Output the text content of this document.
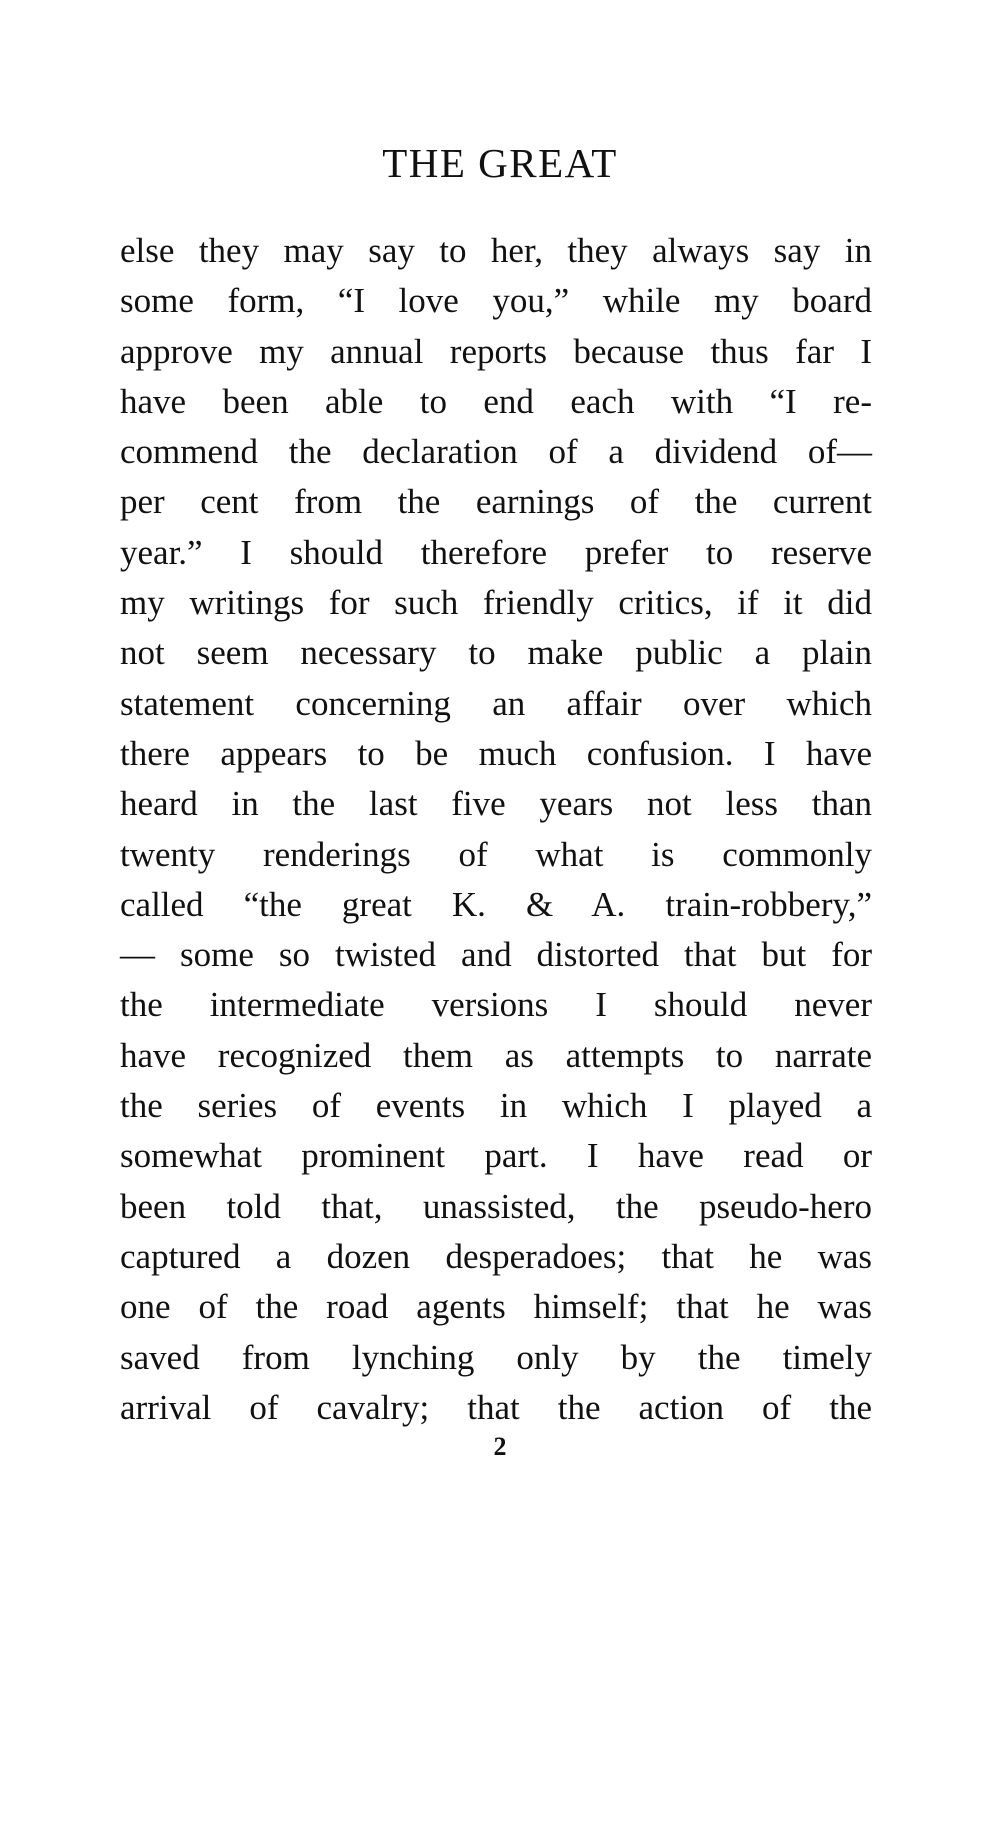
THE GREAT
else they may say to her, they always say in
some form, “I love you,” while my board
approve my annual reports because thus far I
have been able to end each with “I re-
commend the declaration of a dividend of—
per cent from the earnings of the current
year.” I should therefore prefer to reserve
my writings for such friendly critics, if it did
not seem necessary to make public a plain
statement concerning an affair over which
there appears to be much confusion. I have
heard in the last five years not less than
twenty renderings of what is commonly
called “the great K. & A. train-robbery,”
— some so twisted and distorted that but for
the intermediate versions I should never
have recognized them as attempts to narrate
the series of events in which I played a
somewhat prominent part. I have read or
been told that, unassisted, the pseudo-hero
captured a dozen desperadoes; that he was
one of the road agents himself; that he was
saved from lynching only by the timely
arrival of cavalry; that the action of the
2
